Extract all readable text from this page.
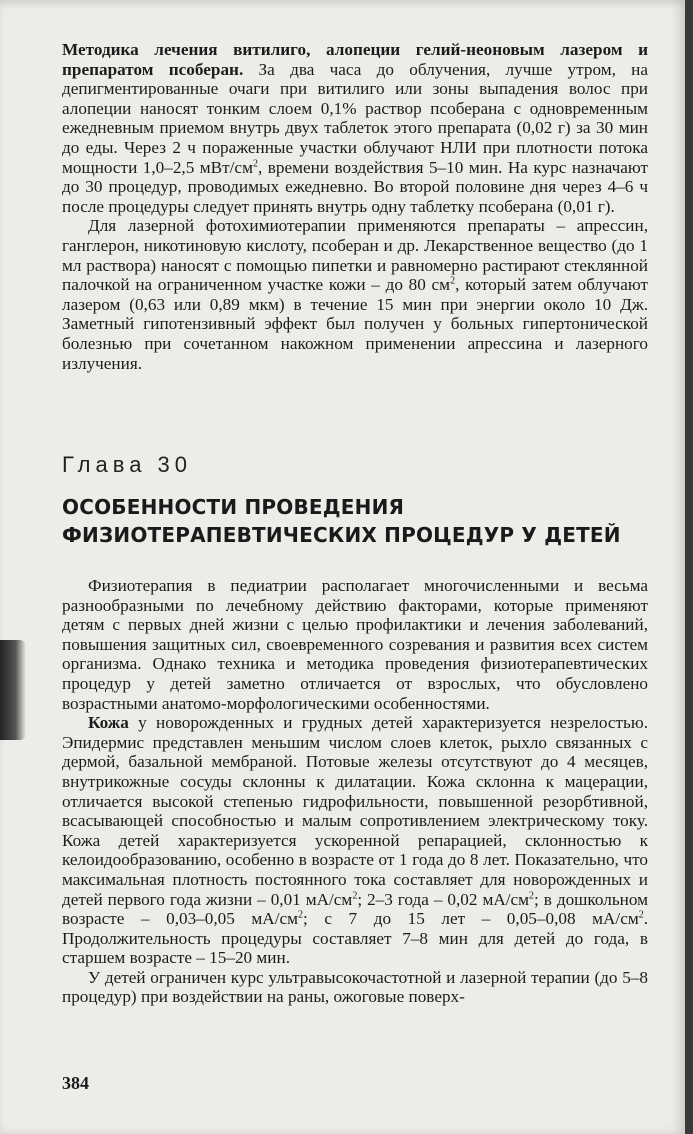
Методика лечения витилиго, алопеции гелий-неоновым лазером и препаратом псоберан. За два часа до облучения, лучше утром, на депигментированные очаги при витилиго или зоны выпадения волос при алопеции наносят тонким слоем 0,1% раствор псоберана с одновременным ежедневным приемом внутрь двух таблеток этого препарата (0,02 г) за 30 мин до еды. Через 2 ч пораженные участки облучают НЛИ при плотности потока мощности 1,0–2,5 мВт/$см^2$, времени воздействия 5–10 мин. На курс назначают до 30 процедур, проводимых ежедневно. Во второй половине дня через 4–6 ч после процедуры следует принять внутрь одну таблетку псоберана (0,01 г).

Для лазерной фотохимиотерапии применяются препараты – апрессин, ганглерон, никотиновую кислоту, псоберан и др. Лекарственное вещество (до 1 мл раствора) наносят с помощью пипетки и равномерно растирают стеклянной палочкой на ограниченном участке кожи – до 80 $см^2$, который затем облучают лазером (0,63 или 0,89 мкм) в течение 15 мин при энергии около 10 Дж. Заметный гипотензивный эффект был получен у больных гипертонической болезнью при сочетанном накожном применении апрессина и лазерного излучения.

Глава 30
ОСОБЕННОСТИ ПРОВЕДЕНИЯ
ФИЗИОТЕРАПЕВТИЧЕСКИХ ПРОЦЕДУР У ДЕТЕЙ

Физиотерапия в педиатрии располагает многочисленными и весьма разнообразными по лечебному действию факторами, которые применяют детям с первых дней жизни с целью профилактики и лечения заболеваний, повышения защитных сил, своевременного созревания и развития всех систем организма. Однако техника и методика проведения физиотерапевтических процедур у детей заметно отличается от взрослых, что обусловлено возрастными анатомо-морфологическими особенностями.

Кожа у новорожденных и грудных детей характеризуется незрелостью. Эпидермис представлен меньшим числом слоев клеток, рыхло связанных с дермой, базальной мембраной. Потовые железы отсутствуют до 4 месяцев, внутрикожные сосуды склонны к дилатации. Кожа склонна к мацерации, отличается высокой степенью гидрофильности, повышенной резорбтивной, всасывающей способностью и малым сопротивлением электрическому току. Кожа детей характеризуется ускоренной репарацией, склонностью к келоидообразованию, особенно в возрасте от 1 года до 8 лет. Показательно, что максимальная плотность постоянного тока составляет для новорожденных и детей первого года жизни – 0,01 $мА/см^2$; 2–3 года – 0,02 $мА/см^2$; в дошкольном возрасте – 0,03–0,05 $мА/см^2$; с 7 до 15 лет – 0,05–0,08 $мА/см^2$. Продолжительность процедуры составляет 7–8 мин для детей до года, в старшем возрасте – 15–20 мин.

У детей ограничен курс ультравысокочастотной и лазерной терапии (до 5–8 процедур) при воздействии на раны, ожоговые поверх-

384
